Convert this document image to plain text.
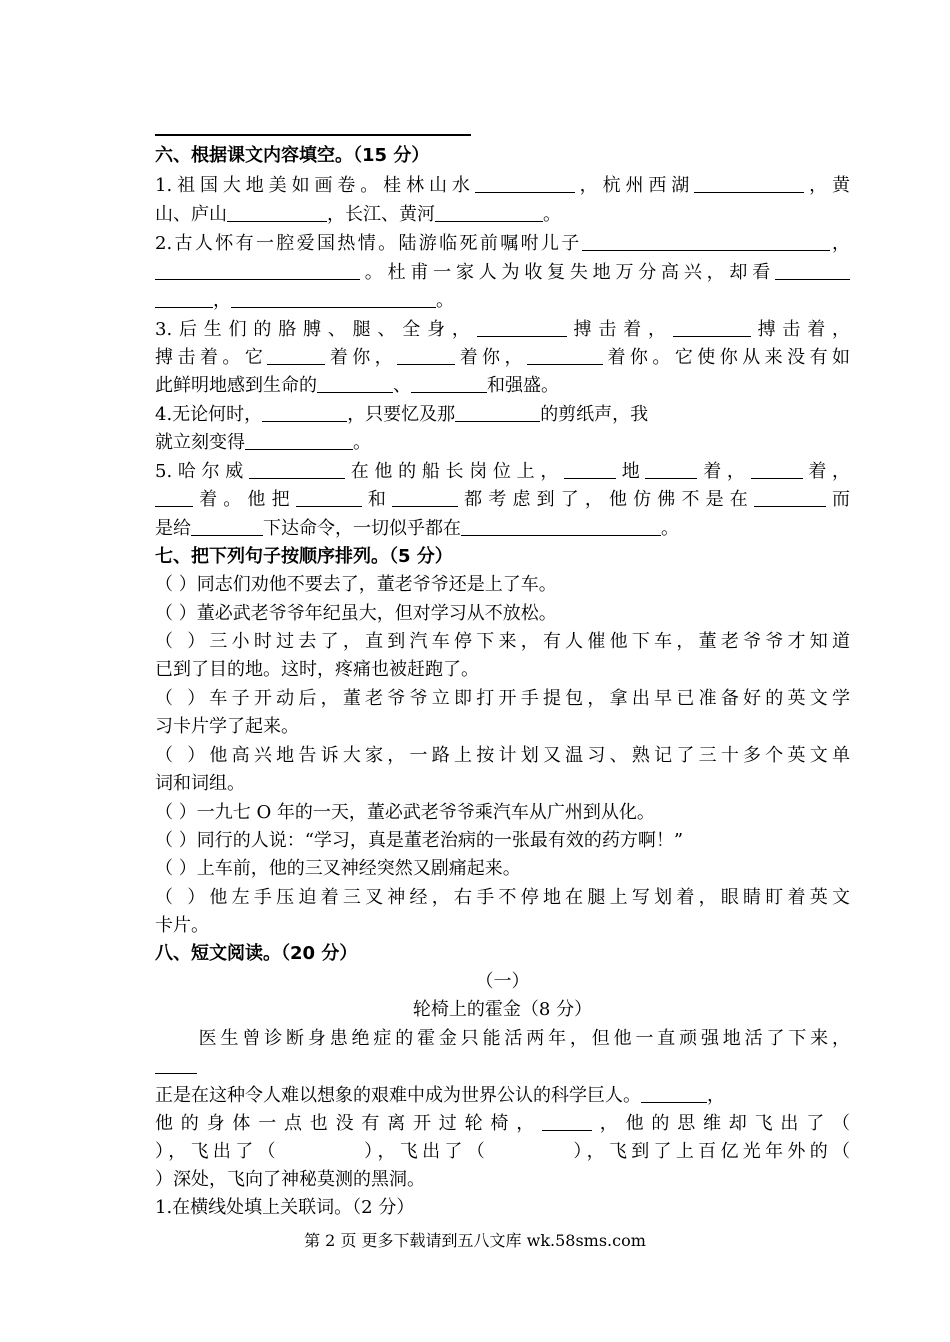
六、根据课文内容填空。（15 分）
1.祖国大地美如画卷。桂林山水	，杭州西湖	，黄
山、庐山	，长江、黄河	。
2.古人怀有一腔爱国热情。陆游临死前嘱咐儿子	，
。杜甫一家人为收复失地万分高兴，却看
，	。
3.后生们的胳膊、腿、全身，	搏击着，	搏击着，
搏击着。它	着你，	着你，	着你。它使你从来没有如
此鲜明地感到生命的	、	和强盛。
4.无论何时，	，只要忆及那	的剪纸声，我
就立刻变得	。
5.哈尔威	在他的船长岗位上，	地	着，	着，
着。他把	和	都考虑到了，他仿佛不是在	而
是给	下达命令，一切似乎都在	。
七、把下列句子按顺序排列。（5 分）
（ ）同志们劝他不要去了，董老爷爷还是上了车。
（ ）董必武老爷爷年纪虽大，但对学习从不放松。
（ ）三小时过去了，直到汽车停下来，有人催他下车，董老爷爷才知道
已到了目的地。这时，疼痛也被赶跑了。
（ ）车子开动后，董老爷爷立即打开手提包，拿出早已准备好的英文学
习卡片学了起来。
（ ）他高兴地告诉大家，一路上按计划又温习、熟记了三十多个英文单
词和词组。
（ ）一九七 O 年的一天，董必武老爷爷乘汽车从广州到从化。
（ ）同行的人说：“学习，真是董老治病的一张最有效的药方啊！”
（ ）上车前，他的三叉神经突然又剧痛起来。
（ ）他左手压迫着三叉神经，右手不停地在腿上写划着，眼睛盯着英文
卡片。
八、短文阅读。（20 分）
（一）
轮椅上的霍金（8 分）
　　医生曾诊断身患绝症的霍金只能活两年，但他一直顽强地活了下来，
正是在这种令人难以想象的艰难中成为世界公认的科学巨人。	，
他的身体一点也没有离开过轮椅，	，他的思维却飞出了（
），飞出了（	），飞出了（	），飞到了上百亿光年外的（
）深处，飞向了神秘莫测的黑洞。
1.在横线处填上关联词。（2 分）
第 2 页 更多下载请到五八文库 wk.58sms.com
